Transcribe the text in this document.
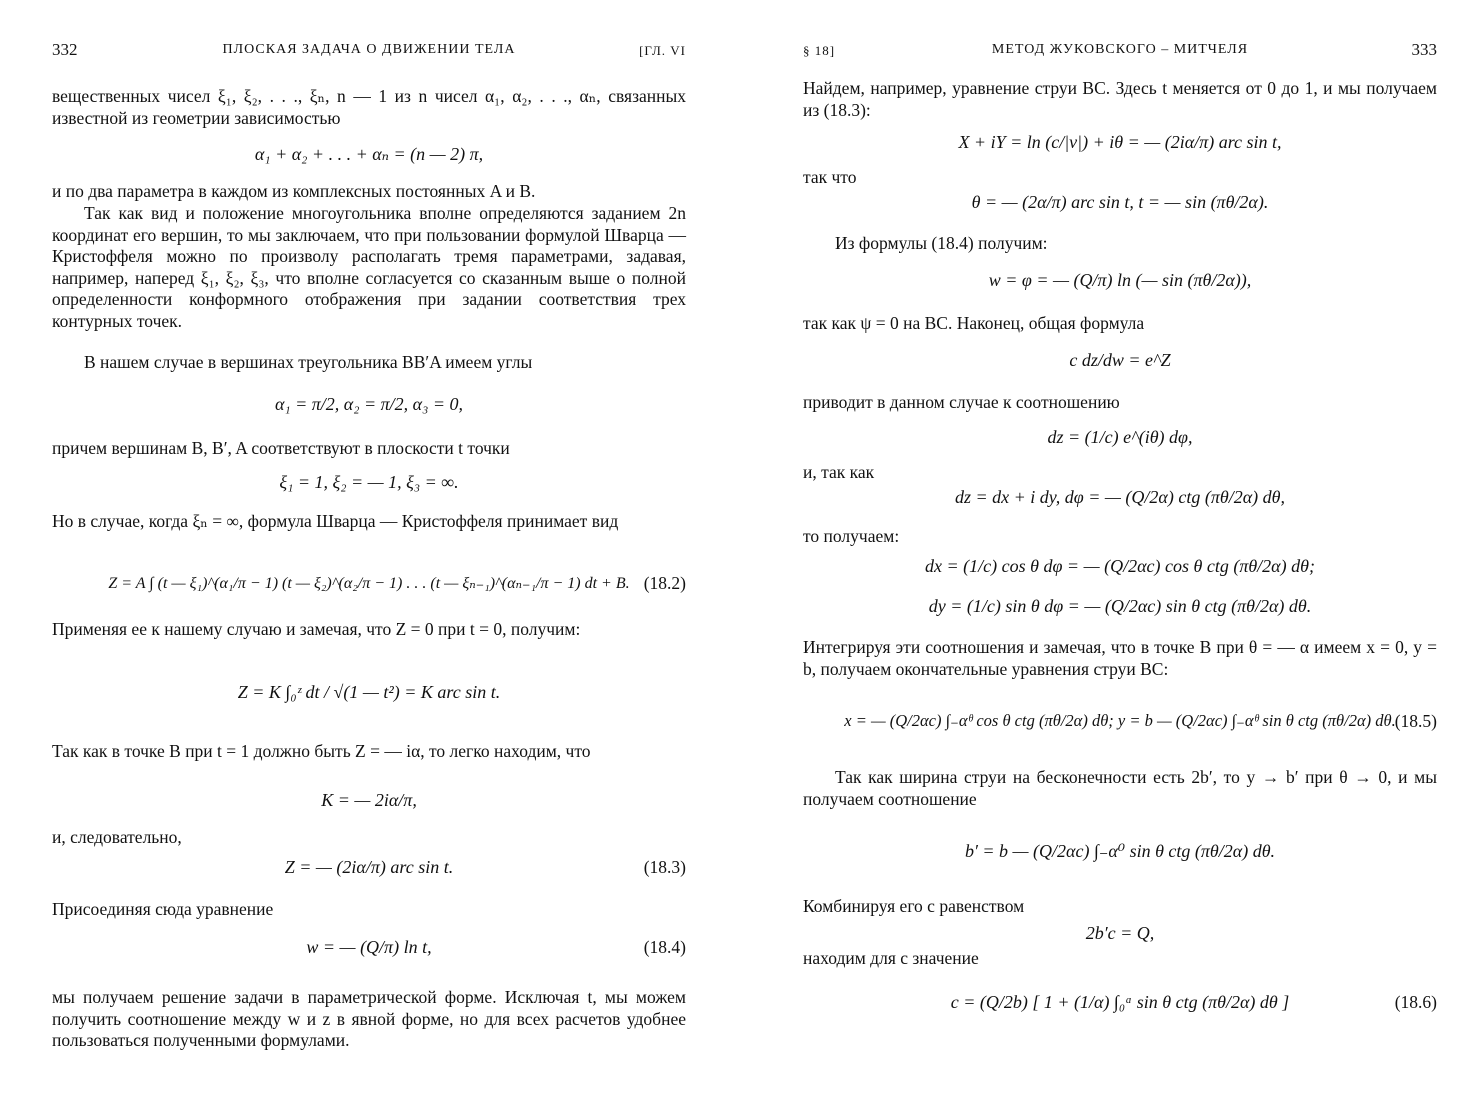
332	ПЛОСКАЯ ЗАДАЧА О ДВИЖЕНИИ ТЕЛА	[ГЛ. VI
вещественных чисел ξ₁, ξ₂, . . ., ξₙ, n — 1 из n чисел α₁, α₂, . . ., αₙ, связанных известной из геометрии зависимостью
α₁ + α₂ + . . . + αₙ = (n — 2) π,
и по два параметра в каждом из комплексных постоянных A и B.
Так как вид и положение многоугольника вполне определяются заданием 2n координат его вершин, то мы заключаем, что при пользовании формулой Шварца — Кристоффеля можно по произволу располагать тремя параметрами, задавая, например, наперед ξ₁, ξ₂, ξ₃, что вполне согласуется со сказанным выше о полной определенности конформного отображения при задании соответствия трех контурных точек.
В нашем случае в вершинах треугольника BB′A имеем углы
α₁ = π/2, α₂ = π/2, α₃ = 0,
причем вершинам B, B′, A соответствуют в плоскости t точки
ξ₁ = 1, ξ₂ = — 1, ξ₃ = ∞.
Но в случае, когда ξₙ = ∞, формула Шварца — Кристоффеля принимает вид
Z = A ∫ (t — ξ₁)^(α₁/π − 1) (t — ξ₂)^(α₂/π − 1) . . . (t — ξₙ₋₁)^(αₙ₋₁/π − 1) dt + B. (18.2)
Применяя ее к нашему случаю и замечая, что Z = 0 при t = 0, получим:
Z = K ∫₀ᶻ dt / √(1 — t²) = K arc sin t.
Так как в точке B при t = 1 должно быть Z = — iα, то легко находим, что
K = — 2iα/π,
и, следовательно,
Z = — (2iα/π) arc sin t.	(18.3)
Присоединяя сюда уравнение
w = — (Q/π) ln t,	(18.4)
мы получаем решение задачи в параметрической форме. Исключая t, мы можем получить соотношение между w и z в явной форме, но для всех расчетов удобнее пользоваться полученными формулами.
§ 18]	МЕТОД ЖУКОВСКОГО – МИТЧЕЛЯ	333
Найдем, например, уравнение струи BC. Здесь t меняется от 0 до 1, и мы получаем из (18.3):
X + iY = ln (c/|v|) + iθ = — (2iα/π) arc sin t,
так что
θ = — (2α/π) arc sin t, t = — sin (πθ/2α).
Из формулы (18.4) получим:
w = φ = — (Q/π) ln (— sin (πθ/2α)),
так как ψ = 0 на BC. Наконец, общая формула
c dz/dw = e^Z
приводит в данном случае к соотношению
dz = (1/c) e^(iθ) dφ,
и, так как
dz = dx + i dy, dφ = — (Q/2α) ctg (πθ/2α) dθ,
то получаем:
dx = (1/c) cos θ dφ = — (Q/2αc) cos θ ctg (πθ/2α) dθ;
dy = (1/c) sin θ dφ = — (Q/2αc) sin θ ctg (πθ/2α) dθ.
Интегрируя эти соотношения и замечая, что в точке B при θ = — α имеем x = 0, y = b, получаем окончательные уравнения струи BC:
x = — (Q/2αc) ∫₋αᶿ cos θ ctg (πθ/2α) dθ; y = b — (Q/2αc) ∫₋αᶿ sin θ ctg (πθ/2α) dθ.
(18.5)
Так как ширина струи на бесконечности есть 2b′, то y → b′ при θ → 0, и мы получаем соотношение
b′ = b — (Q/2αc) ∫₋α⁰ sin θ ctg (πθ/2α) dθ.
Комбинируя его с равенством
2b′c = Q,
находим для c значение
c = (Q/2b) [ 1 + (1/α) ∫₀ᵅ sin θ ctg (πθ/2α) dθ ]	(18.6)
